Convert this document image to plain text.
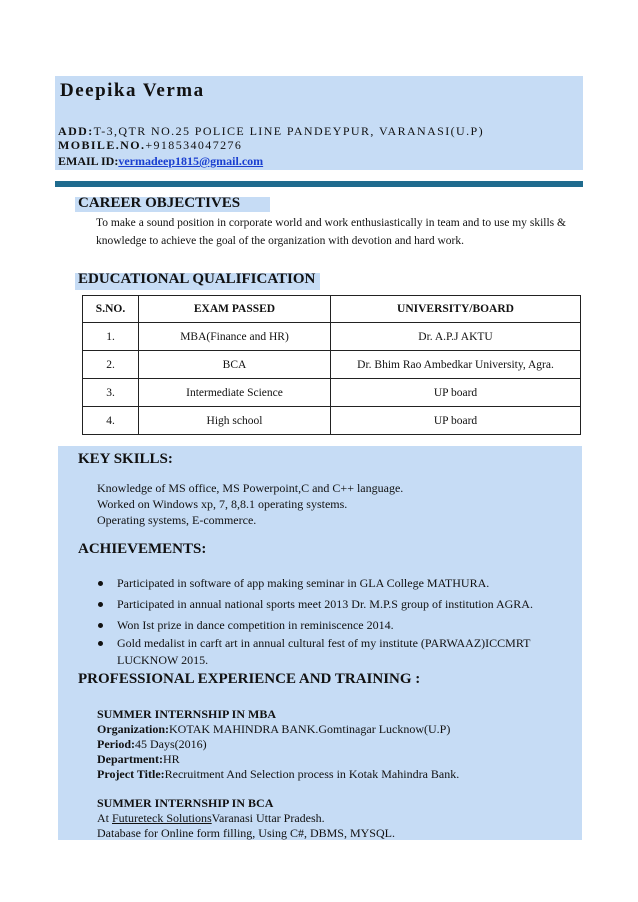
Deepika Verma
ADD:T-3,QTR NO.25 POLICE LINE PANDEYPUR, VARANASI(U.P)
MOBILE.NO.+918534047276
EMAIL ID:vermadeep1815@gmail.com
CAREER OBJECTIVES
To make a sound position in corporate world and work enthusiastically in team and to use my skills & knowledge to achieve the goal of the organization with devotion and hard work.
EDUCATIONAL QUALIFICATION
S.NO.	EXAM PASSED	UNIVERSITY/BOARD
1.	MBA(Finance and HR)	Dr. A.P.J AKTU
2.	BCA	Dr. Bhim Rao Ambedkar University, Agra.
3.	Intermediate Science	UP board
4.	High school	UP board
KEY SKILLS:
Knowledge of MS office, MS Powerpoint,C and C++ language.
Worked on Windows xp, 7, 8,8.1 operating systems.
Operating systems, E-commerce.
ACHIEVEMENTS:
Participated in software of app making seminar in GLA College MATHURA.
Participated in annual national sports meet 2013 Dr. M.P.S group of institution AGRA.
Won Ist prize in dance competition in reminiscence 2014.
Gold medalist in carft art in annual cultural fest of my institute (PARWAAZ)ICCMRT LUCKNOW 2015.
PROFESSIONAL EXPERIENCE AND TRAINING :
SUMMER INTERNSHIP IN MBA
Organization:KOTAK MAHINDRA BANK.Gomtinagar Lucknow(U.P)
Period:45 Days(2016)
Department:HR
Project Title:Recruitment And Selection process in Kotak Mahindra Bank.
SUMMER INTERNSHIP IN BCA
At Futureteck SolutionsVaranasi Uttar Pradesh.
Database for Online form filling, Using C#, DBMS, MYSQL.
